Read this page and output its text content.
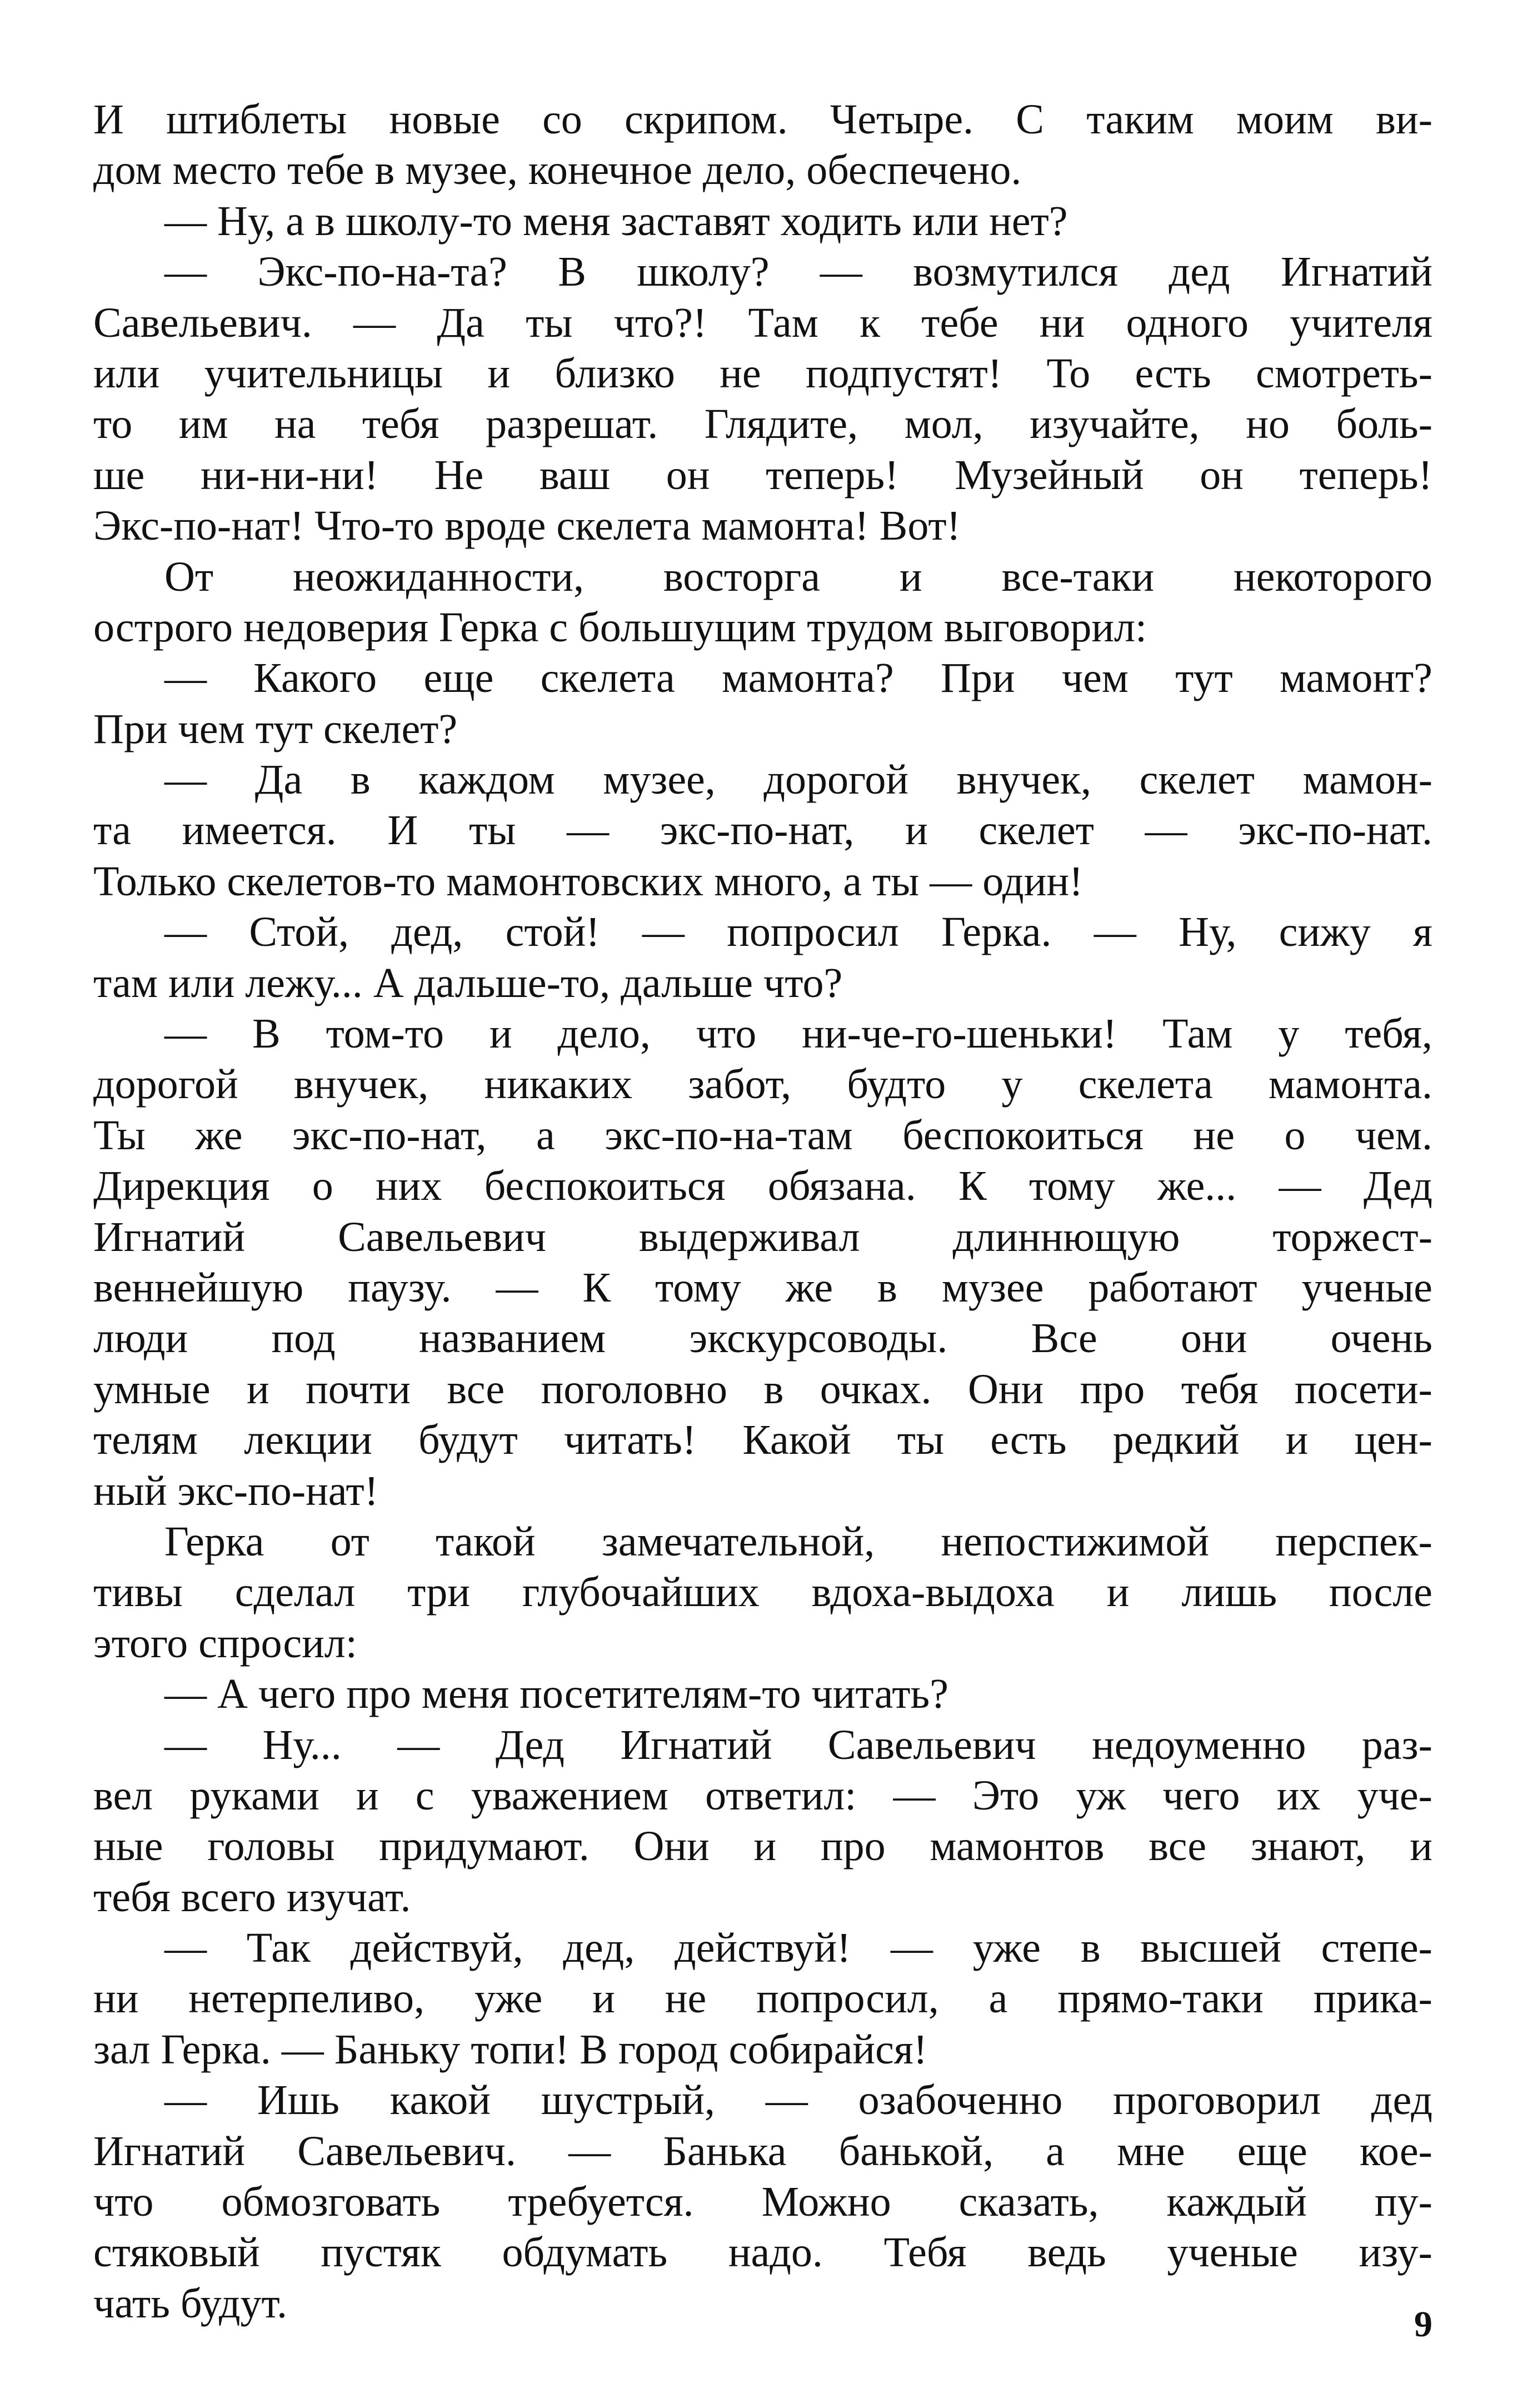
И штиблеты новые со скрипом. Четыре. С таким моим ви-
дом место тебе в музее, конечное дело, обеспечено.
— Ну, а в школу-то меня заставят ходить или нет?
— Экс-по-на-та? В школу? — возмутился дед Игнатий
Савельевич. — Да ты что?! Там к тебе ни одного учителя
или учительницы и близко не подпустят! То есть смотреть-
то им на тебя разрешат. Глядите, мол, изучайте, но боль-
ше ни-ни-ни! Не ваш он теперь! Музейный он теперь!
Экс-по-нат! Что-то вроде скелета мамонта! Вот!
От неожиданности, восторга и все-таки некоторого
острого недоверия Герка с большущим трудом выговорил:
— Какого еще скелета мамонта? При чем тут мамонт?
При чем тут скелет?
— Да в каждом музее, дорогой внучек, скелет мамон-
та имеется. И ты — экс-по-нат, и скелет — экс-по-нат.
Только скелетов-то мамонтовских много, а ты — один!
— Стой, дед, стой! — попросил Герка. — Ну, сижу я
там или лежу... А дальше-то, дальше что?
— В том-то и дело, что ни-че-го-шеньки! Там у тебя,
дорогой внучек, никаких забот, будто у скелета мамонта.
Ты же экс-по-нат, а экс-по-на-там беспокоиться не о чем.
Дирекция о них беспокоиться обязана. К тому же... — Дед
Игнатий Савельевич выдерживал длиннющую торжест-
веннейшую паузу. — К тому же в музее работают ученые
люди под названием экскурсоводы. Все они очень
умные и почти все поголовно в очках. Они про тебя посети-
телям лекции будут читать! Какой ты есть редкий и цен-
ный экс-по-нат!
Герка от такой замечательной, непостижимой перспек-
тивы сделал три глубочайших вдоха-выдоха и лишь после
этого спросил:
— А чего про меня посетителям-то читать?
— Ну... — Дед Игнатий Савельевич недоуменно раз-
вел руками и с уважением ответил: — Это уж чего их уче-
ные головы придумают. Они и про мамонтов все знают, и
тебя всего изучат.
— Так действуй, дед, действуй! — уже в высшей степе-
ни нетерпеливо, уже и не попросил, а прямо-таки прика-
зал Герка. — Баньку топи! В город собирайся!
— Ишь какой шустрый, — озабоченно проговорил дед
Игнатий Савельевич. — Банька банькой, а мне еще кое-
что обмозговать требуется. Можно сказать, каждый пу-
стяковый пустяк обдумать надо. Тебя ведь ученые изу-
чать будут.	9
